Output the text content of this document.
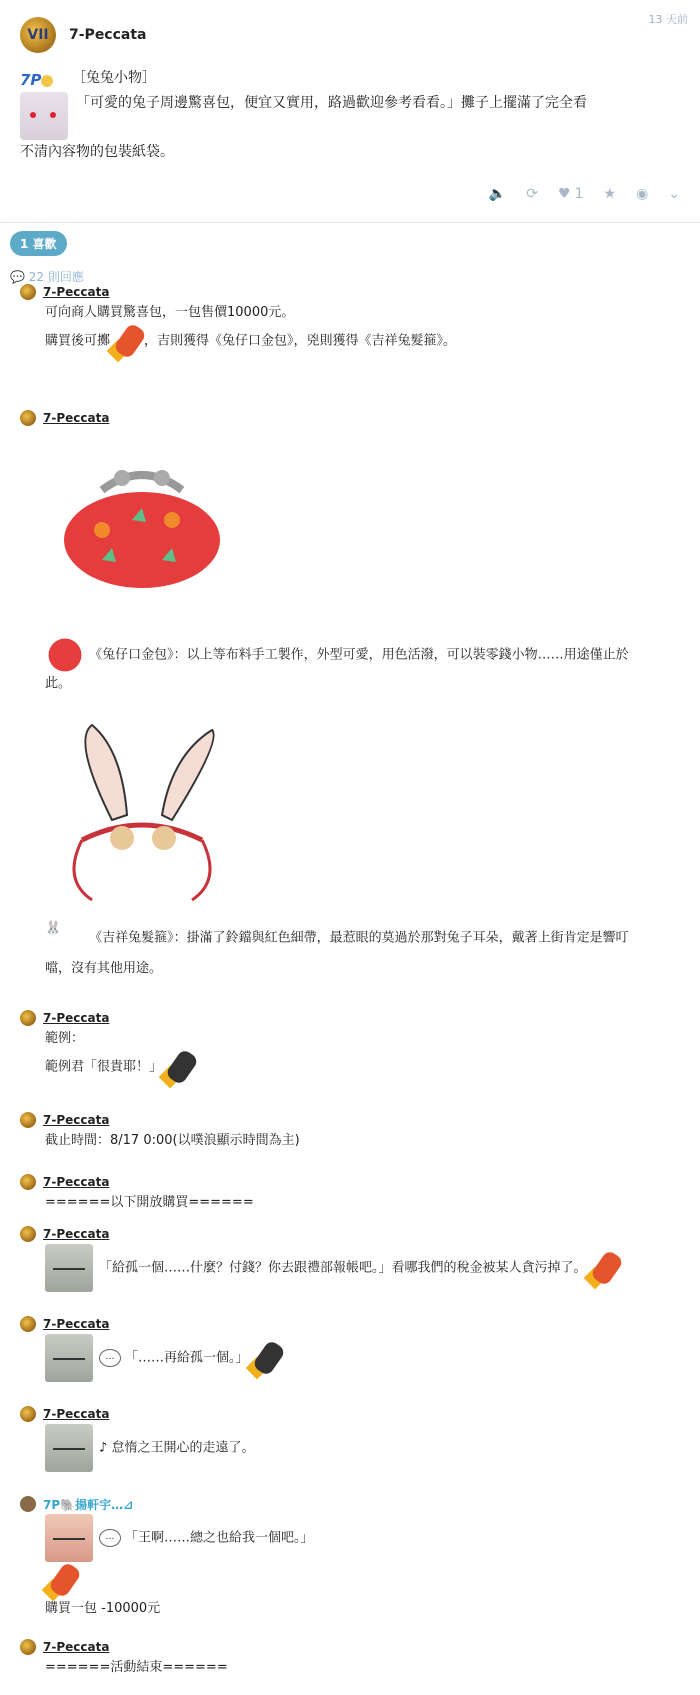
VII	7-Peccata
13 天前
7P	［兔兔小物］
「可愛的兔子周邊驚喜包，便宜又實用，路過歡迎參考看看。」攤子上擺滿了完全看
不清內容物的包裝紙袋。
🔈 ⟳ ♥ 1 ★ ◉ ⌄
1 喜歡
💬 22 則回應
7-Peccata
可向商人購買驚喜包，一包售價10000元。
購買後可擲	，吉則獲得《兔仔口金包》，兇則獲得《吉祥兔髮箍》。
7-Peccata
《兔仔口金包》：以上等布料手工製作，外型可愛，用色活潑，可以裝零錢小物……用途僅止於
此。
🐰 《吉祥兔髮箍》：掛滿了鈴鐺與紅色細帶，最惹眼的莫過於那對兔子耳朵，戴著上街肯定是響叮
噹，沒有其他用途。
7-Peccata
範例：
範例君「很貴耶！」
7-Peccata
截止時間：8/17 0:00(以噗浪顯示時間為主)
7-Peccata
======以下開放購買======
7-Peccata
「給孤一個……什麼？付錢？你去跟禮部報帳吧。」看哪我們的稅金被某人貪污掉了。
7-Peccata
… 「……再給孤一個。」
7-Peccata
♪ 怠惰之王開心的走遠了。
7P🐘揚軒宇…⊿
… 「王啊……總之也給我一個吧。」
購買一包 -10000元
7-Peccata
======活動結束======
